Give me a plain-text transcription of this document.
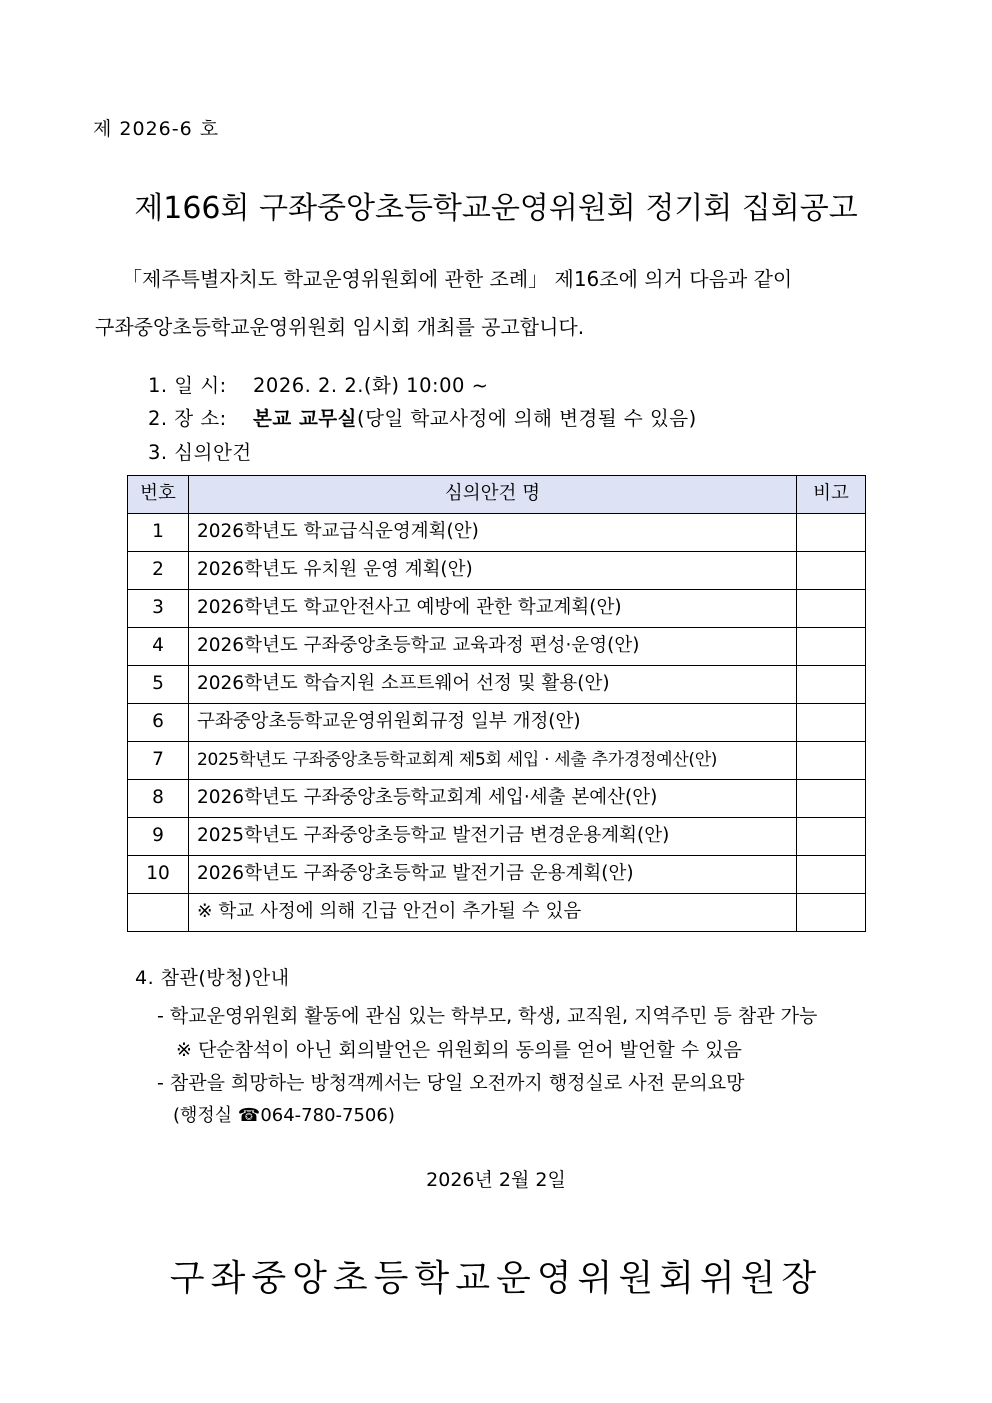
제 2026-6 호
제166회 구좌중앙초등학교운영위원회 정기회 집회공고
「제주특별자치도 학교운영위원회에 관한 조례」 제16조에 의거 다음과 같이
구좌중앙초등학교운영위원회 임시회 개최를 공고합니다.
1. 일 시: 2026. 2. 2.(화) 10:00 ~
2. 장 소: 본교 교무실(당일 학교사정에 의해 변경될 수 있음)
3. 심의안건
번호	심의안건 명	비고
1	2026학년도 학교급식운영계획(안)	
2	2026학년도 유치원 운영 계획(안)	
3	2026학년도 학교안전사고 예방에 관한 학교계획(안)	
4	2026학년도 구좌중앙초등학교 교육과정 편성·운영(안)	
5	2026학년도 학습지원 소프트웨어 선정 및 활용(안)	
6	구좌중앙초등학교운영위원회규정 일부 개정(안)	
7	2025학년도 구좌중앙초등학교회계 제5회 세입 · 세출 추가경정예산(안)	
8	2026학년도 구좌중앙초등학교회계 세입·세출 본예산(안)	
9	2025학년도 구좌중앙초등학교 발전기금 변경운용계획(안)	
10	2026학년도 구좌중앙초등학교 발전기금 운용계획(안)	
	※ 학교 사정에 의해 긴급 안건이 추가될 수 있음	
4. 참관(방청)안내
- 학교운영위원회 활동에 관심 있는 학부모, 학생, 교직원, 지역주민 등 참관 가능
※ 단순참석이 아닌 회의발언은 위원회의 동의를 얻어 발언할 수 있음
- 참관을 희망하는 방청객께서는 당일 오전까지 행정실로 사전 문의요망
(행정실 ☎064-780-7506)
2026년 2월 2일
구좌중앙초등학교운영위원회위원장
